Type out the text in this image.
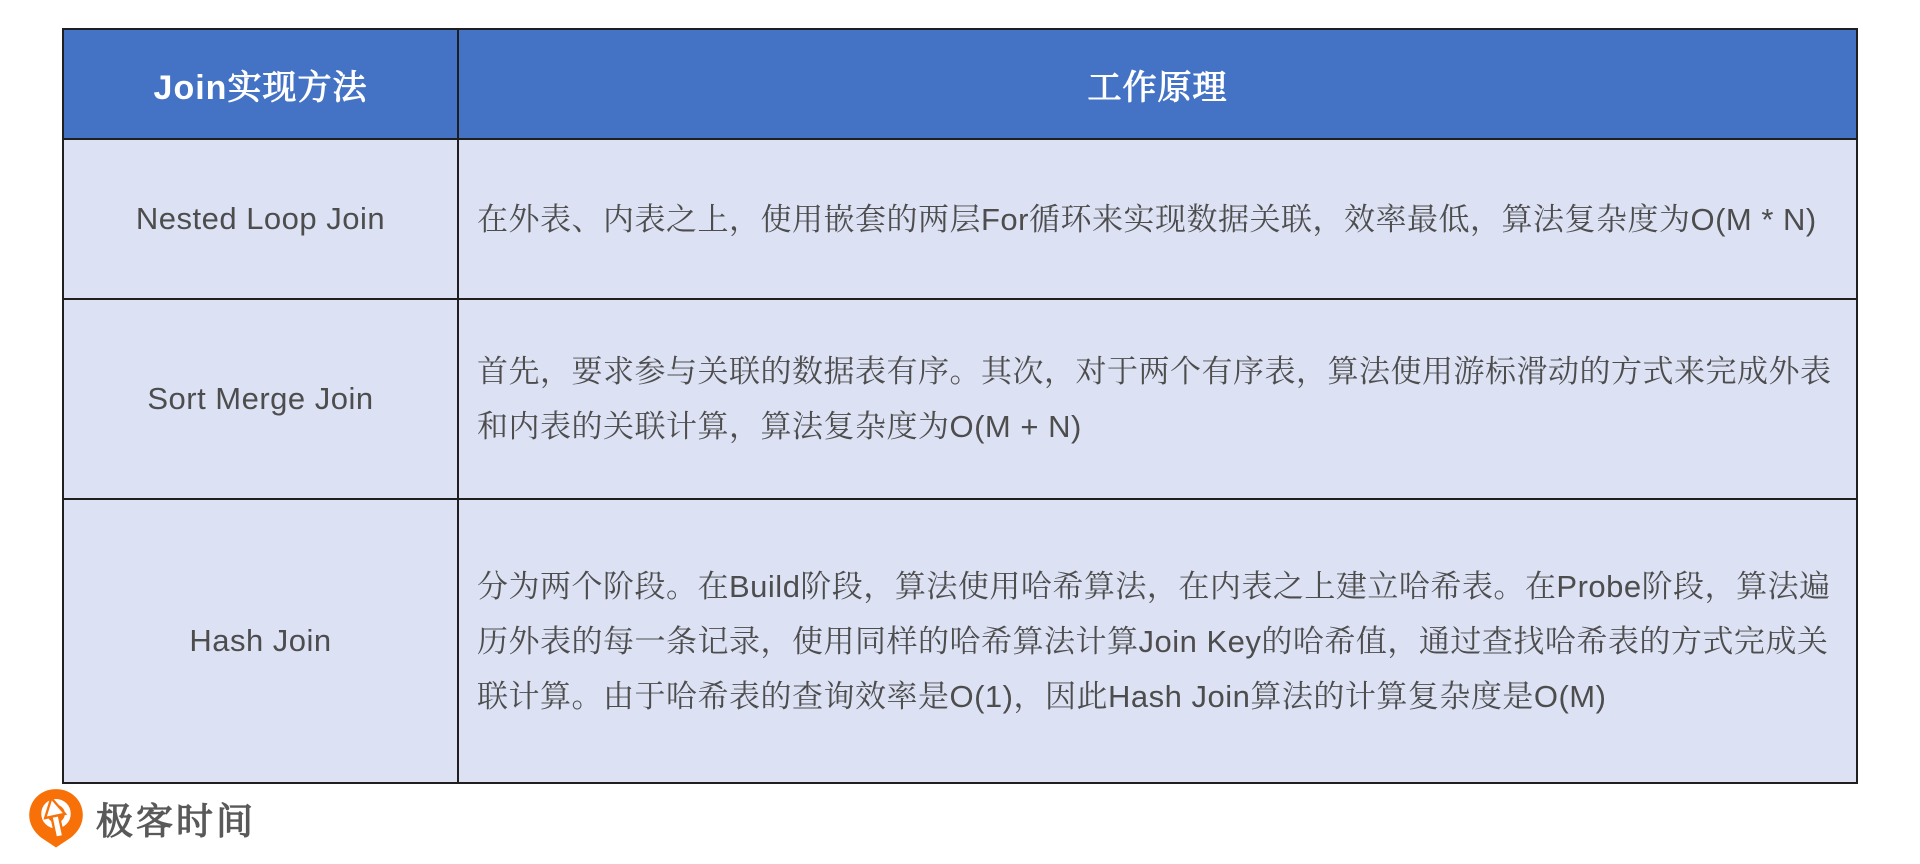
Join实现方法	工作原理
Nested Loop Join	在外表、内表之上，使用嵌套的两层For循环来实现数据关联，效率最低，算法复杂度为O(M * N)
Sort Merge Join	首先，要求参与关联的数据表有序。其次，对于两个有序表，算法使用游标滑动的方式来完成外表和内表的关联计算，算法复杂度为O(M + N)
Hash Join	分为两个阶段。在Build阶段，算法使用哈希算法，在内表之上建立哈希表。在Probe阶段，算法遍历外表的每一条记录，使用同样的哈希算法计算Join Key的哈希值，通过查找哈希表的方式完成关联计算。由于哈希表的查询效率是O(1)，因此Hash Join算法的计算复杂度是O(M)
极客时间
